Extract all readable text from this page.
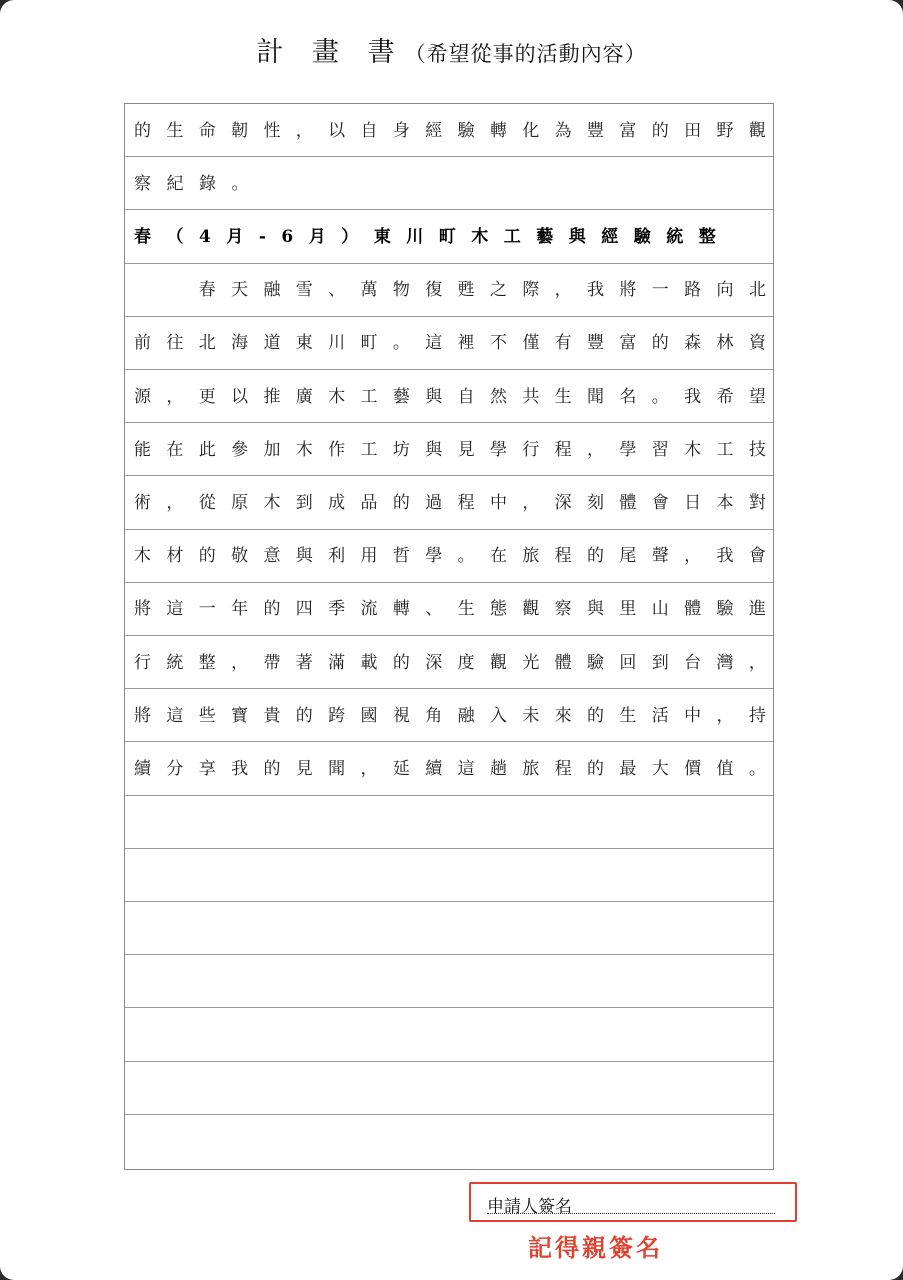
計 畫 書（希望從事的活動內容）
的 生 命 韌 性 ， 以 自 身 經 驗 轉 化 為 豐 富 的 田 野 觀
察 紀 錄 。
春 （ 4 月 - 6 月 ） 東 川 町 木 工 藝 與 經 驗 統 整

春 天 融 雪 、 萬 物 復 甦 之 際 ， 我 將 一 路 向 北
前 往 北 海 道 東 川 町 。 這 裡 不 僅 有 豐 富 的 森 林 資
源 ， 更 以 推 廣 木 工 藝 與 自 然 共 生 聞 名 。 我 希 望
能 在 此 參 加 木 作 工 坊 與 見 學 行 程 ， 學 習 木 工 技
術 ， 從 原 木 到 成 品 的 過 程 中 ， 深 刻 體 會 日 本 對
木 材 的 敬 意 與 利 用 哲 學 。 在 旅 程 的 尾 聲 ， 我 會
將 這 一 年 的 四 季 流 轉 、 生 態 觀 察 與 里 山 體 驗 進
行 統 整 ， 帶 著 滿 載 的 深 度 觀 光 體 驗 回 到 台 灣 ，
將 這 些 寶 貴 的 跨 國 視 角 融 入 未 來 的 生 活 中 ， 持
續 分 享 我 的 見 聞 ， 延 續 這 趟 旅 程 的 最 大 價 值 。
申請人簽名
記得親簽名
